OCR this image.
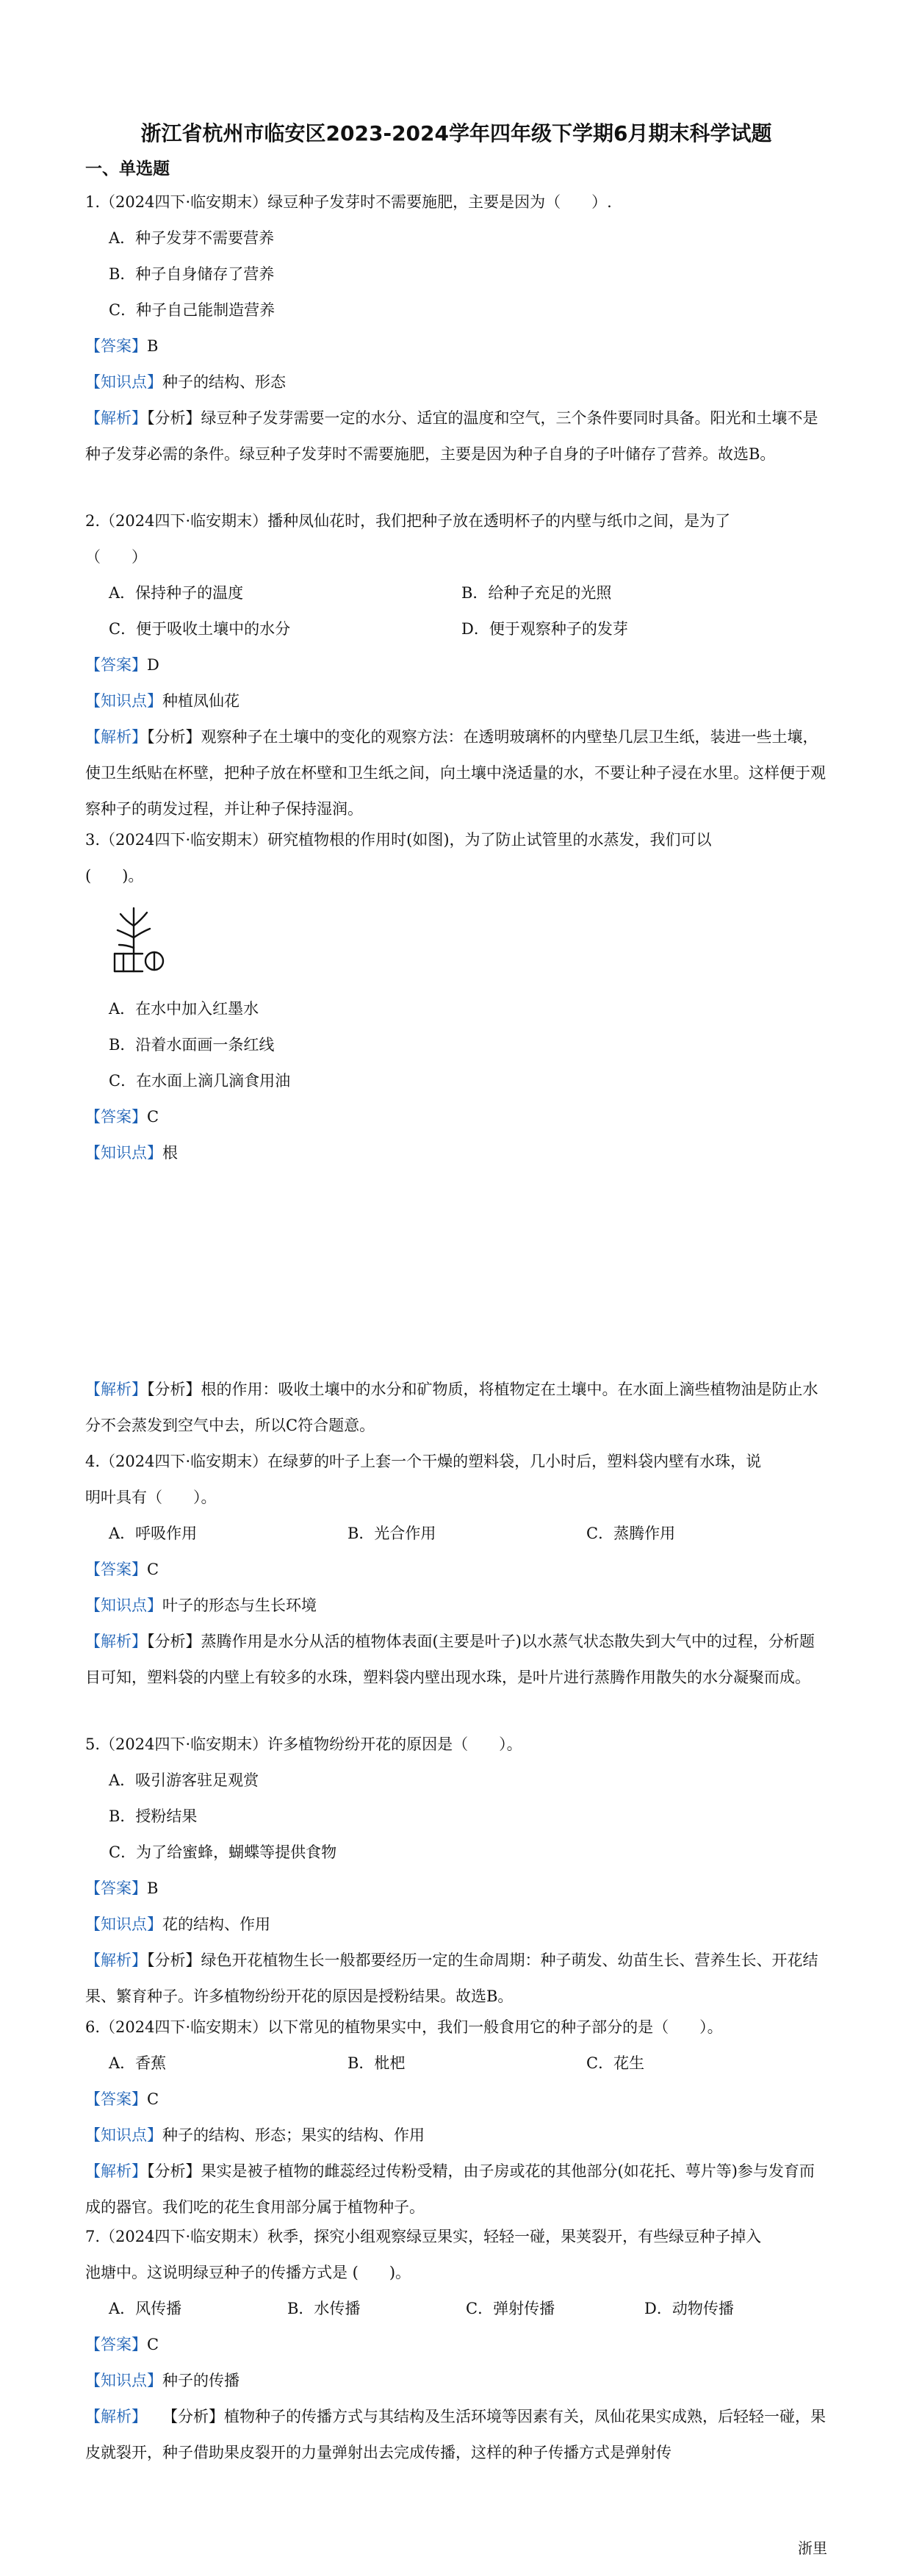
浙江省杭州市临安区2023-2024学年四年级下学期6月期末科学试题
一、单选题
1.（2024四下·临安期末）绿豆种子发芽时不需要施肥，主要是因为（　　）.
A．种子发芽不需要营养
B．种子自身储存了营养
C．种子自己能制造营养
【答案】B
【知识点】种子的结构、形态
【解析】【分析】绿豆种子发芽需要一定的水分、适宜的温度和空气，三个条件要同时具备。阳光和土壤不是种子发芽必需的条件。绿豆种子发芽时不需要施肥，主要是因为种子自身的子叶储存了营养。故选B。
2.（2024四下·临安期末）播种凤仙花时，我们把种子放在透明杯子的内壁与纸巾之间，是为了
（　　）
A．保持种子的温度	B．给种子充足的光照
C．便于吸收土壤中的水分	D．便于观察种子的发芽
【答案】D
【知识点】种植凤仙花
【解析】【分析】观察种子在土壤中的变化的观察方法：在透明玻璃杯的内壁垫几层卫生纸，装进一些土壤，使卫生纸贴在杯壁，把种子放在杯壁和卫生纸之间，向土壤中浇适量的水，不要让种子浸在水里。这样便于观察种子的萌发过程，并让种子保持湿润。
3.（2024四下·临安期末）研究植物根的作用时(如图)，为了防止试管里的水蒸发，我们可以
(　　)。
A．在水中加入红墨水
B．沿着水面画一条红线
C．在水面上滴几滴食用油
【答案】C
【知识点】根
【解析】【分析】根的作用：吸收土壤中的水分和矿物质，将植物定在土壤中。在水面上滴些植物油是防止水分不会蒸发到空气中去，所以C符合题意。
4.（2024四下·临安期末）在绿萝的叶子上套一个干燥的塑料袋，几小时后，塑料袋内壁有水珠，说
明叶具有（　　）。
A．呼吸作用	B．光合作用	C．蒸腾作用
【答案】C
【知识点】叶子的形态与生长环境
【解析】【分析】蒸腾作用是水分从活的植物体表面(主要是叶子)以水蒸气状态散失到大气中的过程，分析题目可知，塑料袋的内壁上有较多的水珠，塑料袋内壁出现水珠，是叶片进行蒸腾作用散失的水分凝聚而成。
5.（2024四下·临安期末）许多植物纷纷开花的原因是（　　）。
A．吸引游客驻足观赏
B．授粉结果
C．为了给蜜蜂，蝴蝶等提供食物
【答案】B
【知识点】花的结构、作用
【解析】【分析】绿色开花植物生长一般都要经历一定的生命周期：种子萌发、幼苗生长、营养生长、开花结果、繁育种子。许多植物纷纷开花的原因是授粉结果。故选B。
6.（2024四下·临安期末）以下常见的植物果实中，我们一般食用它的种子部分的是（　　）。
A．香蕉	B．枇杷	C．花生
【答案】C
【知识点】种子的结构、形态；果实的结构、作用
【解析】【分析】果实是被子植物的雌蕊经过传粉受精，由子房或花的其他部分(如花托、萼片等)参与发育而成的器官。我们吃的花生食用部分属于植物种子。
7.（2024四下·临安期末）秋季，探究小组观察绿豆果实，轻轻一碰，果荚裂开，有些绿豆种子掉入
池塘中。这说明绿豆种子的传播方式是 (　　)。
A．风传播	B．水传播	C．弹射传播	D．动物传播
【答案】C
【知识点】种子的传播
【解析】　　 【分析】植物种子的传播方式与其结构及生活环境等因素有关，凤仙花果实成熟，后轻轻一碰，果皮就裂开，种子借助果皮裂开的力量弹射出去完成传播，这样的种子传播方式是弹射传
浙里
